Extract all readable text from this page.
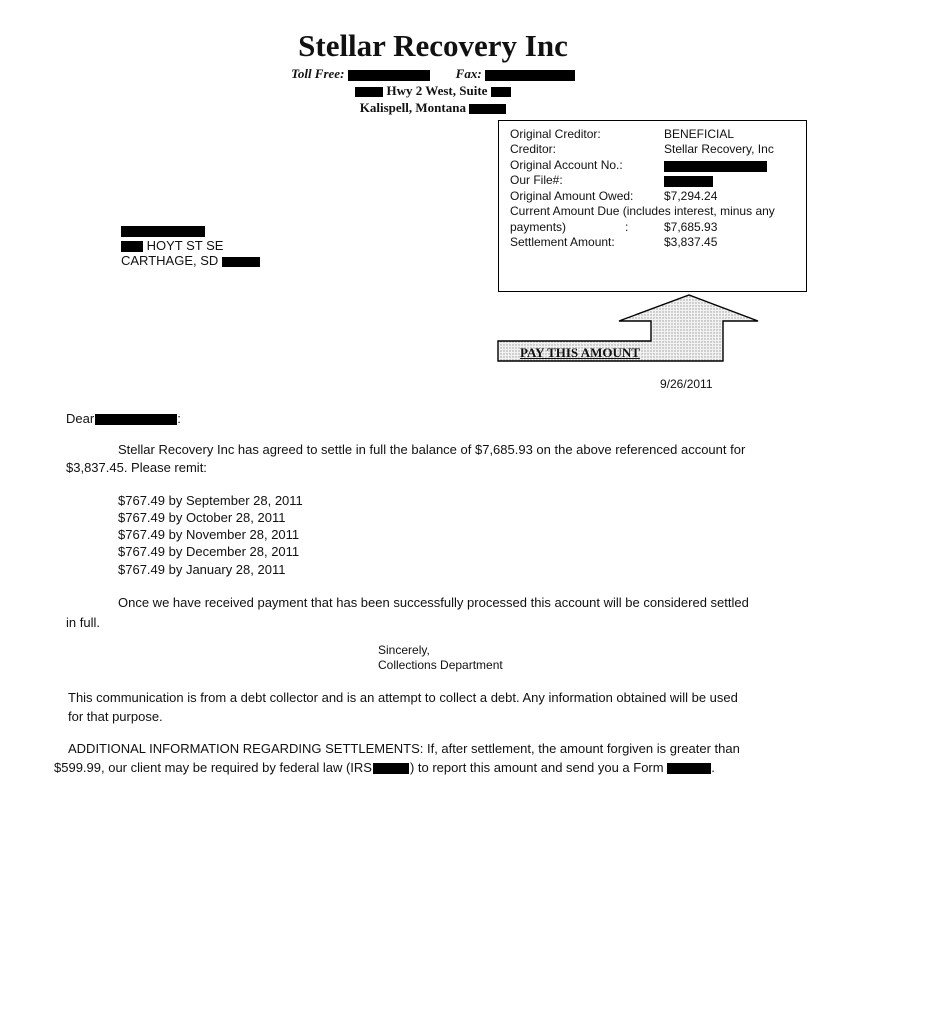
Stellar Recovery Inc
Toll Free:	Fax:
Hwy 2 West, Suite
Kalispell, Montana
HOYT ST SE
CARTHAGE, SD
Original Creditor:	BENEFICIAL
Creditor:	Stellar Recovery, Inc
Original Account No.:
Our File#:
Original Amount Owed:	$7,294.24
Current Amount Due (includes interest, minus any
payments)	:	$7,685.93
Settlement Amount:	$3,837.45
PAY THIS AMOUNT
9/26/2011
Dear	:
Stellar Recovery Inc has agreed to settle in full the balance of $7,685.93 on the above referenced account for
$3,837.45. Please remit:
$767.49 by September 28, 2011
$767.49 by October 28, 2011
$767.49 by November 28, 2011
$767.49 by December 28, 2011
$767.49 by January 28, 2011
Once we have received payment that has been successfully processed this account will be considered settled
in full.
Sincerely,
Collections Department
This communication is from a debt collector and is an attempt to collect a debt. Any information obtained will be used
for that purpose.
ADDITIONAL INFORMATION REGARDING SETTLEMENTS: If, after settlement, the amount forgiven is greater than
$599.99, our client may be required by federal law (IRS	) to report this amount and send you a Form	.
